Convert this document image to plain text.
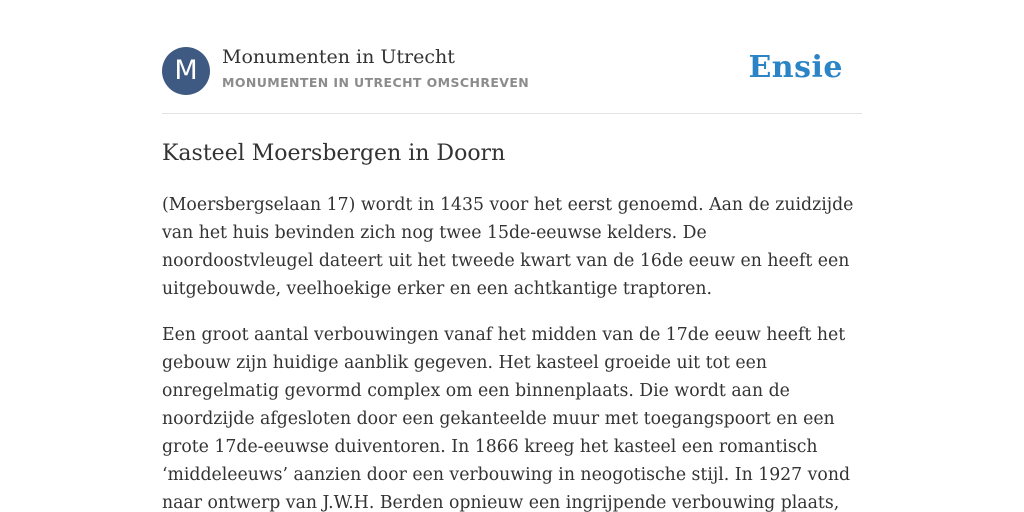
M	Monumenten in Utrecht
MONUMENTEN IN UTRECHT OMSCHREVEN	Ensie
Kasteel Moersbergen in Doorn

(Moersbergselaan 17) wordt in 1435 voor het eerst genoemd. Aan de zuidzijde van het huis bevinden zich nog twee 15de-eeuwse kelders. De noordoostvleugel dateert uit het tweede kwart van de 16de eeuw en heeft een uitgebouwde, veelhoekige erker en een achtkantige traptoren.

Een groot aantal verbouwingen vanaf het midden van de 17de eeuw heeft het gebouw zijn huidige aanblik gegeven. Het kasteel groeide uit tot een onregelmatig gevormd complex om een binnenplaats. Die wordt aan de noordzijde afgesloten door een gekanteelde muur met toegangspoort en een grote 17de-eeuwse duiventoren. In 1866 kreeg het kasteel een romantisch ‘middeleeuws’ aanzien door een verbouwing in neogotische stijl. In 1927 vond naar ontwerp van J.W.H. Berden opnieuw een ingrijpende verbouwing plaats,
